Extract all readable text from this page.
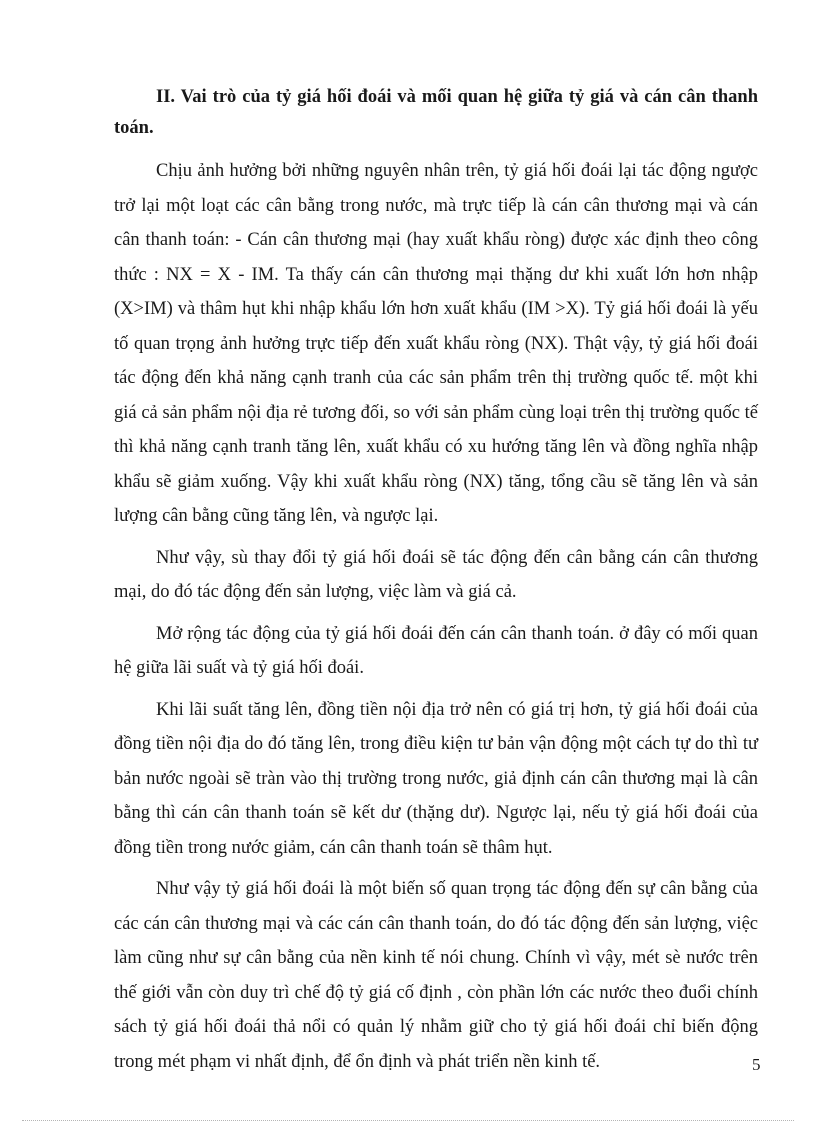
II. Vai trò của tỷ giá hối đoái và mối quan hệ giữa tỷ giá và cán cân thanh toán.

Chịu ảnh hưởng bởi những nguyên nhân trên, tỷ giá hối đoái lại tác động ngược trở lại một loạt các cân bằng trong nước, mà trực tiếp là cán cân thương mại và cán cân thanh toán: - Cán cân thương mại (hay xuất khẩu ròng) được xác định theo công thức : NX = X - IM. Ta thấy cán cân thương mại thặng dư khi xuất lớn hơn nhập (X>IM) và thâm hụt khi nhập khẩu lớn hơn xuất khẩu (IM >X). Tỷ giá hối đoái là yếu tố quan trọng ảnh hưởng trực tiếp đến xuất khẩu ròng (NX). Thật vậy, tỷ giá hối đoái tác động đến khả năng cạnh tranh của các sản phẩm trên thị trường quốc tế. một khi giá cả sản phẩm nội địa rẻ tương đối, so với sản phẩm cùng loại trên thị trường quốc tế thì khả năng cạnh tranh tăng lên, xuất khẩu có xu hướng tăng lên và đồng nghĩa nhập khẩu sẽ giảm xuống. Vậy khi xuất khẩu ròng (NX) tăng, tổng cầu sẽ tăng lên và sản lượng cân bằng cũng tăng lên, và ngược lại.

Như vậy, sù thay đổi tỷ giá hối đoái sẽ tác động đến cân bằng cán cân thương mại, do đó tác động đến sản lượng, việc làm và giá cả.

Mở rộng tác động của tỷ giá hối đoái đến cán cân thanh toán. ở đây có mối quan hệ giữa lãi suất và tỷ giá hối đoái.

Khi lãi suất tăng lên, đồng tiền nội địa trở nên có giá trị hơn, tỷ giá hối đoái của đồng tiền nội địa do đó tăng lên, trong điều kiện tư bản vận động một cách tự do thì tư bản nước ngoài sẽ tràn vào thị trường trong nước, giả định cán cân thương mại là cân bằng thì cán cân thanh toán sẽ kết dư (thặng dư). Ngược lại, nếu tỷ giá hối đoái của đồng tiền trong nước giảm, cán cân thanh toán sẽ thâm hụt.

Như vậy tỷ giá hối đoái là một biến số quan trọng tác động đến sự cân bằng của các cán cân thương mại và các cán cân thanh toán, do đó tác động đến sản lượng, việc làm cũng như sự cân bằng của nền kinh tế nói chung. Chính vì vậy, mét sè nước trên thế giới vẫn còn duy trì chế độ tỷ giá cố định , còn phần lớn các nước theo đuổi chính sách tỷ giá hối đoái thả nổi có quản lý nhằm giữ cho tỷ giá hối đoái chỉ biến động trong mét phạm vi nhất định, để ổn định và phát triển nền kinh tế.	5
